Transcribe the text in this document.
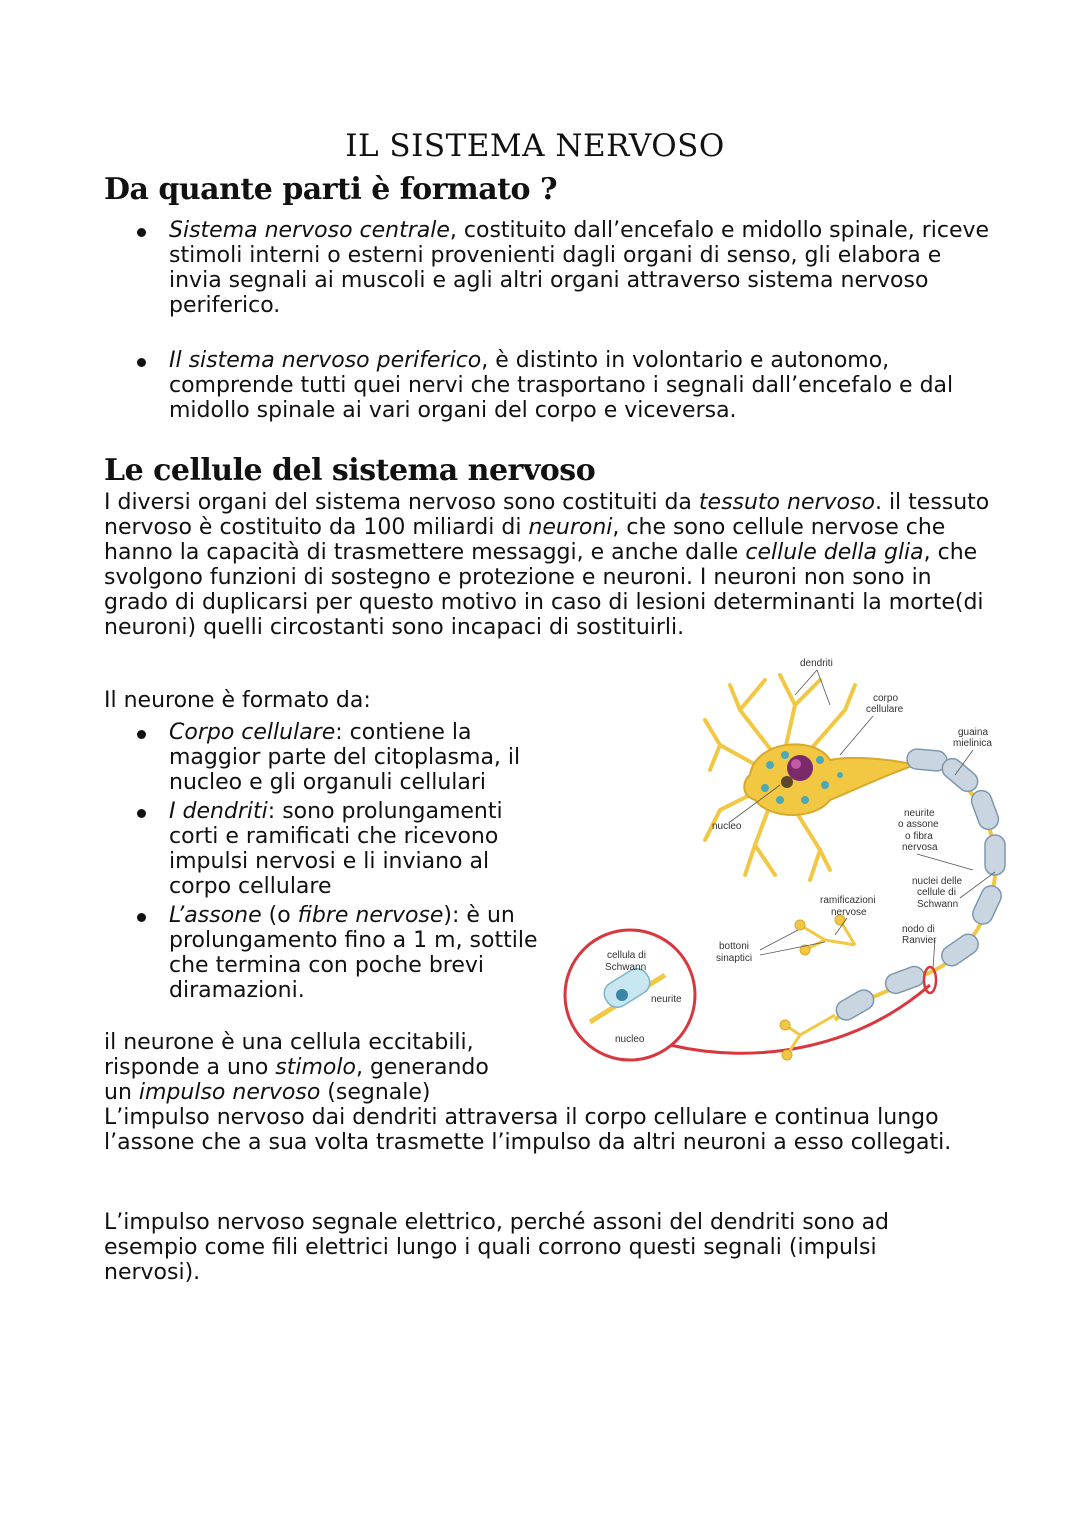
IL SISTEMA NERVOSO
Da quante parti è formato ?
Sistema nervoso centrale, costituito dall’encefalo e midollo spinale, riceve stimoli interni o esterni provenienti dagli organi di senso, gli elabora e invia segnali ai muscoli e agli altri organi attraverso sistema nervoso periferico.
Il sistema nervoso periferico, è distinto in volontario e autonomo, comprende tutti quei nervi che trasportano i segnali dall’encefalo e dal midollo spinale ai vari organi del corpo e viceversa.
Le cellule del sistema nervoso

I diversi organi del sistema nervoso sono costituiti da tessuto nervoso. il tessuto nervoso è costituito da 100 miliardi di neuroni, che sono cellule nervose che hanno la capacità di trasmettere messaggi, e anche dalle cellule della glia, che svolgono funzioni di sostegno e protezione e neuroni. I neuroni non sono in grado di duplicarsi per questo motivo in caso di lesioni determinanti la morte(di neuroni) quelli circostanti sono incapaci di sostituirli.

Il neurone è formato da:

Corpo cellulare: contiene la maggior parte del citoplasma, il nucleo e gli organuli cellulari
I dendriti: sono prolungamenti corti e ramificati che ricevono impulsi nervosi e li inviano al corpo cellulare
L’assone (o fibre nervose): è un prolungamento fino a 1 m, sottile che termina con poche brevi diramazioni.
il neurone è una cellula eccitabili,
risponde a uno stimolo, generando
un impulso nervoso (segnale)

L’impulso nervoso dai dendriti attraversa il corpo cellulare e continua lungo l’assone che a sua volta trasmette l’impulso da altri neuroni a esso collegati.

L’impulso nervoso segnale elettrico, perché assoni del dendriti sono ad esempio come fili elettrici lungo i quali corrono questi segnali (impulsi nervosi).

dendriti
corpo
cellulare
guaina
mielinica
nucleo
neurite
o assone
o fibra
nervosa
nuclei delle
cellule di
Schwann
ramificazioni
nervose
nodo di
Ranvier
bottoni
sinaptici
cellula di
Schwann
neurite
nucleo
